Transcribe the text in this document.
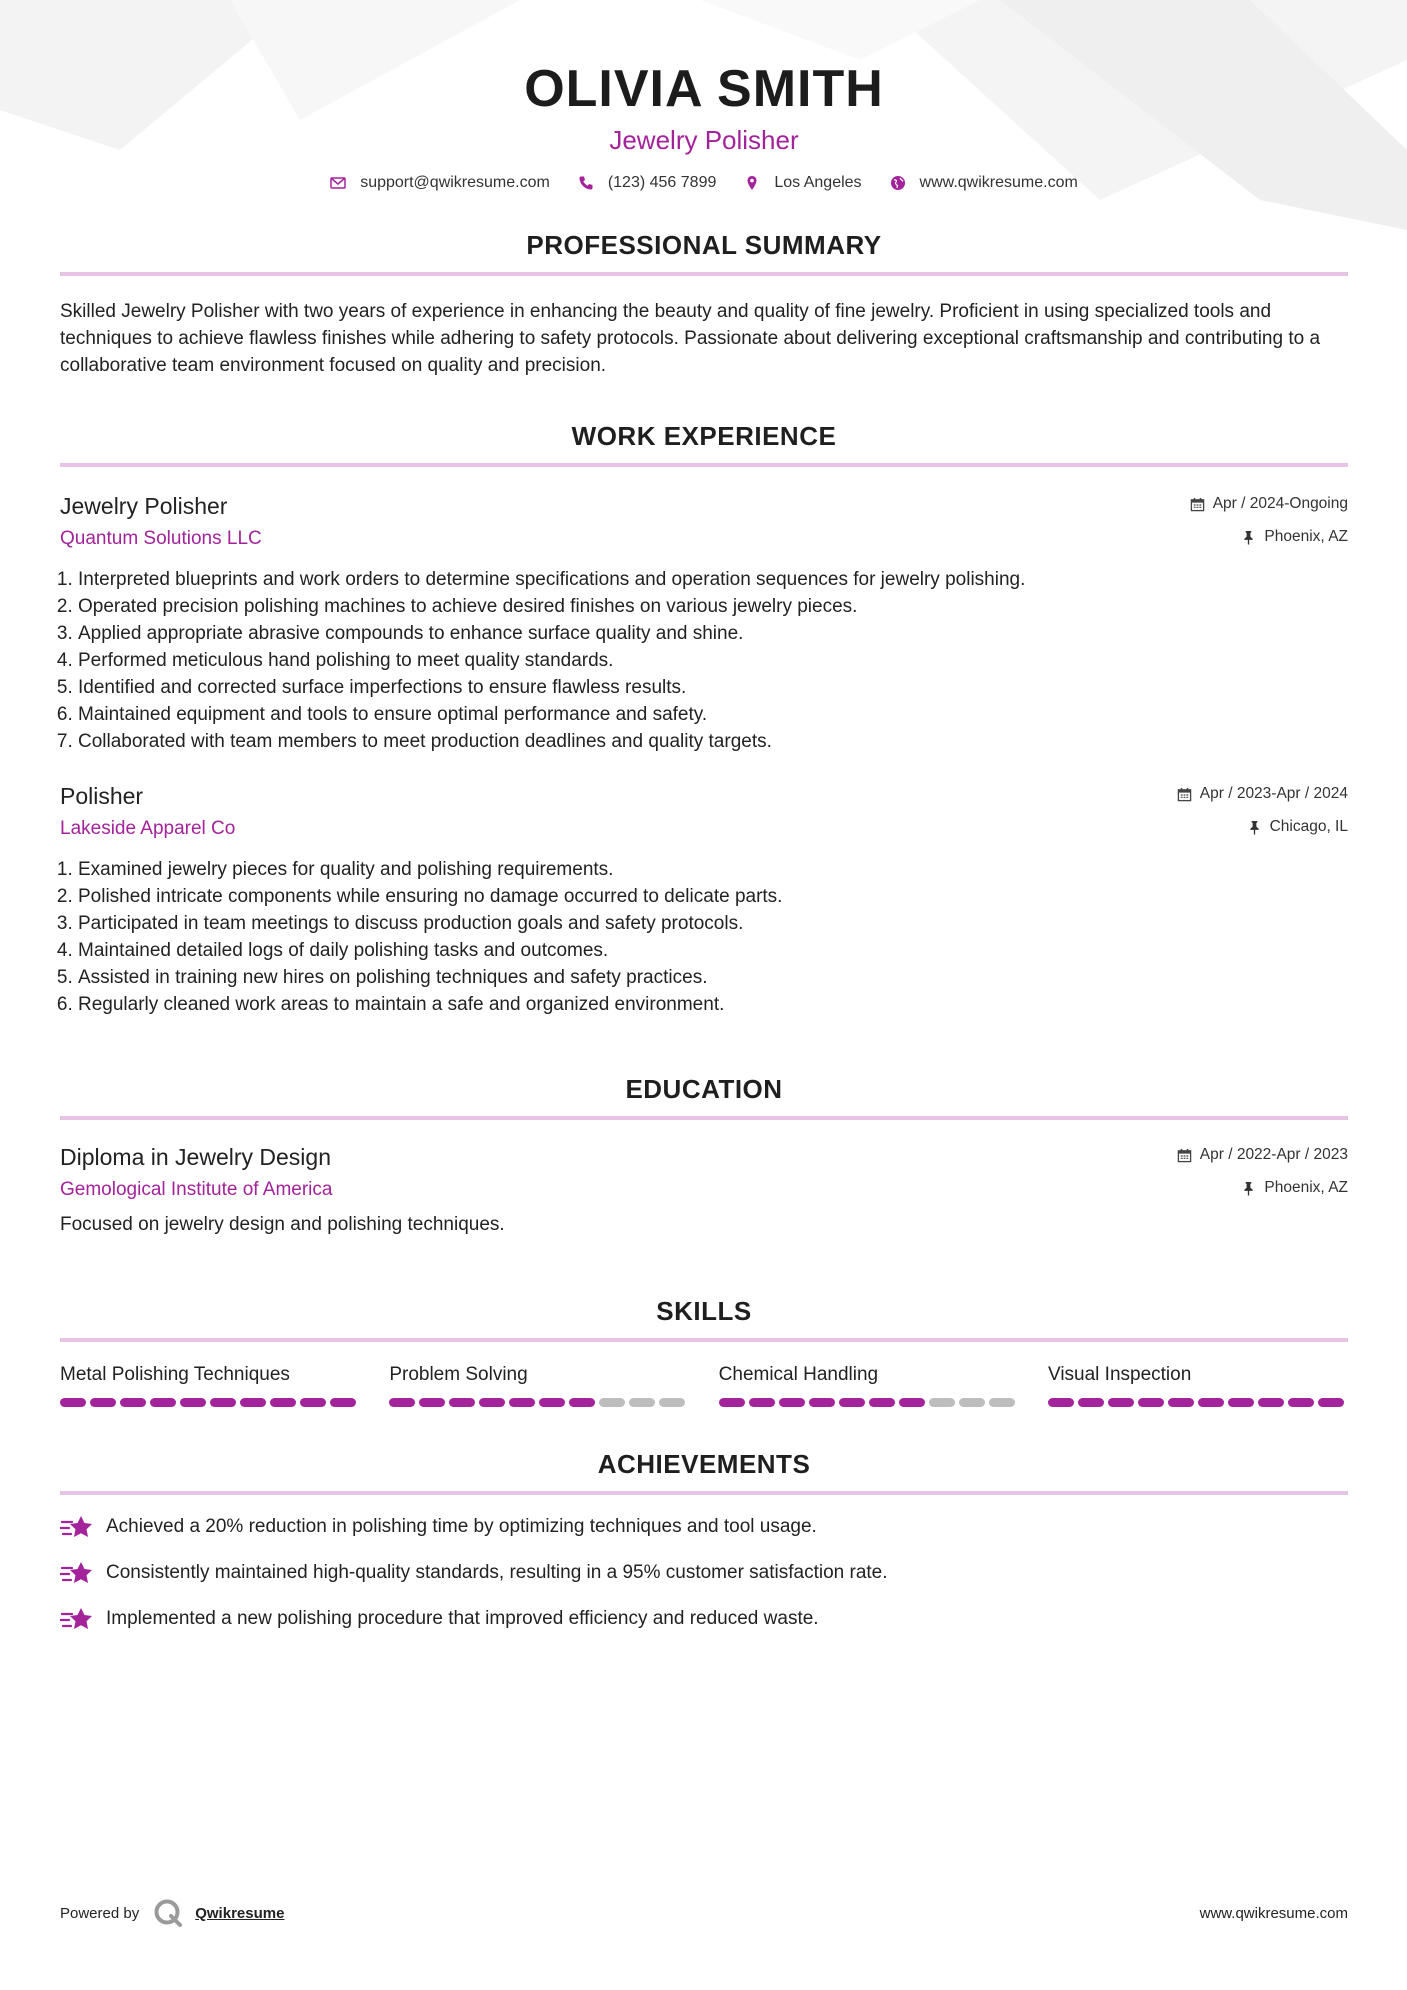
OLIVIA SMITH
Jewelry Polisher
support@qwikresume.com	(123) 456 7899	Los Angeles	www.qwikresume.com
PROFESSIONAL SUMMARY
Skilled Jewelry Polisher with two years of experience in enhancing the beauty and quality of fine jewelry. Proficient in using specialized tools and techniques to achieve flawless finishes while adhering to safety protocols. Passionate about delivering exceptional craftsmanship and contributing to a collaborative team environment focused on quality and precision.
WORK EXPERIENCE
Jewelry Polisher
Quantum Solutions LLC
Apr / 2024-Ongoing
Phoenix, AZ
1. Interpreted blueprints and work orders to determine specifications and operation sequences for jewelry polishing.
2. Operated precision polishing machines to achieve desired finishes on various jewelry pieces.
3. Applied appropriate abrasive compounds to enhance surface quality and shine.
4. Performed meticulous hand polishing to meet quality standards.
5. Identified and corrected surface imperfections to ensure flawless results.
6. Maintained equipment and tools to ensure optimal performance and safety.
7. Collaborated with team members to meet production deadlines and quality targets.
Polisher
Lakeside Apparel Co
Apr / 2023-Apr / 2024
Chicago, IL
1. Examined jewelry pieces for quality and polishing requirements.
2. Polished intricate components while ensuring no damage occurred to delicate parts.
3. Participated in team meetings to discuss production goals and safety protocols.
4. Maintained detailed logs of daily polishing tasks and outcomes.
5. Assisted in training new hires on polishing techniques and safety practices.
6. Regularly cleaned work areas to maintain a safe and organized environment.
EDUCATION
Diploma in Jewelry Design
Gemological Institute of America
Apr / 2022-Apr / 2023
Phoenix, AZ
Focused on jewelry design and polishing techniques.
SKILLS
Metal Polishing Techniques	Problem Solving	Chemical Handling	Visual Inspection
ACHIEVEMENTS
Achieved a 20% reduction in polishing time by optimizing techniques and tool usage.
Consistently maintained high-quality standards, resulting in a 95% customer satisfaction rate.
Implemented a new polishing procedure that improved efficiency and reduced waste.
Powered by	Qwikresume	www.qwikresume.com
